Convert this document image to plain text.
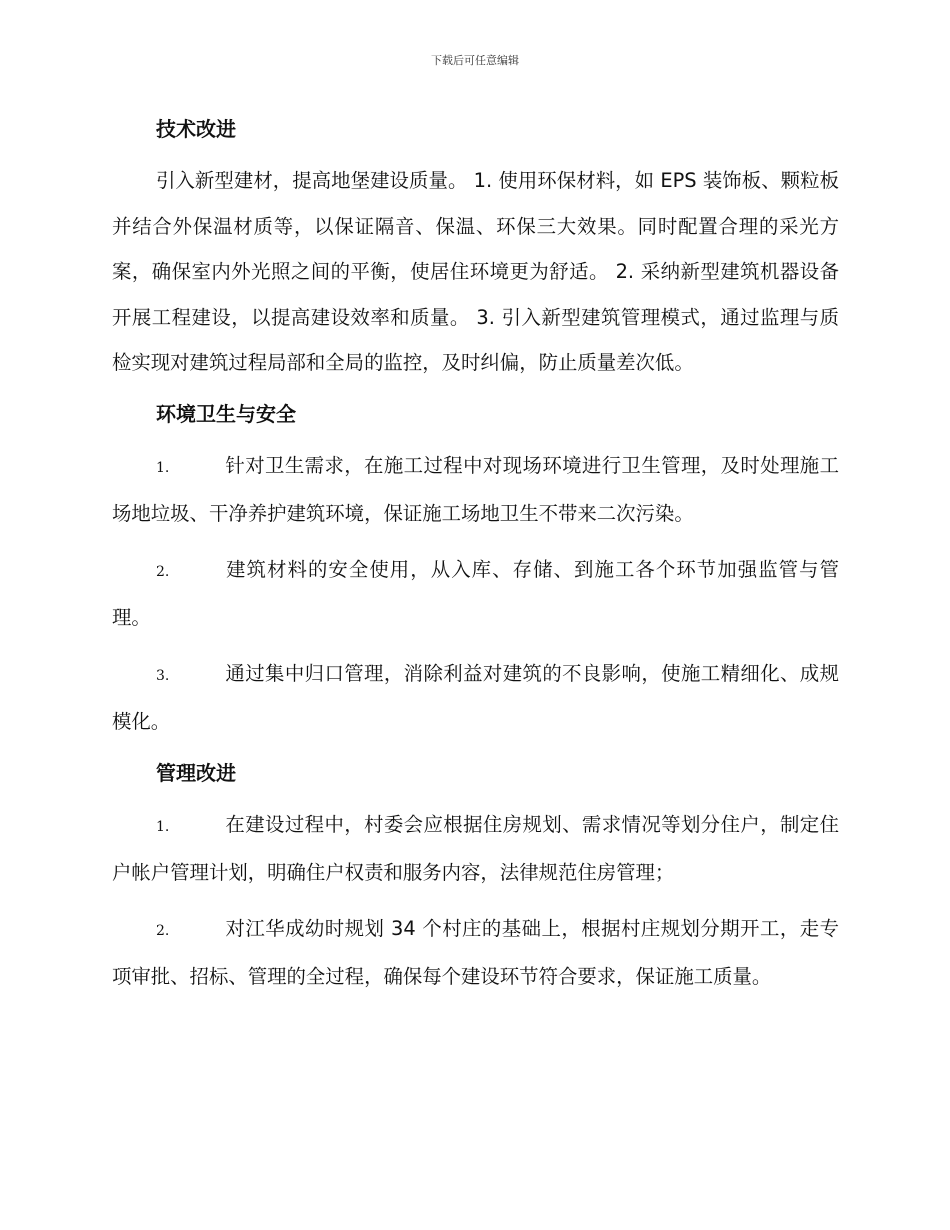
下载后可任意编辑
技术改进

引入新型建材，提高地堡建设质量。 1. 使用环保材料，如 EPS 装饰板、颗粒板并结合外保温材质等，以保证隔音、保温、环保三大效果。同时配置合理的采光方案，确保室内外光照之间的平衡，使居住环境更为舒适。 2. 采纳新型建筑机器设备开展工程建设，以提高建设效率和质量。 3. 引入新型建筑管理模式，通过监理与质检实现对建筑过程局部和全局的监控，及时纠偏，防止质量差次低。

环境卫生与安全

1.	针对卫生需求，在施工过程中对现场环境进行卫生管理，及时处理施工场地垃圾、干净养护建筑环境，保证施工场地卫生不带来二次污染。

2.	建筑材料的安全使用，从入库、存储、到施工各个环节加强监管与管理。

3.	通过集中归口管理，消除利益对建筑的不良影响，使施工精细化、成规模化。

管理改进

1.	在建设过程中，村委会应根据住房规划、需求情况等划分住户，制定住户帐户管理计划，明确住户权责和服务内容，法律规范住房管理；

2.	对江华成幼时规划 34 个村庄的基础上，根据村庄规划分期开工，走专项审批、招标、管理的全过程，确保每个建设环节符合要求，保证施工质量。
